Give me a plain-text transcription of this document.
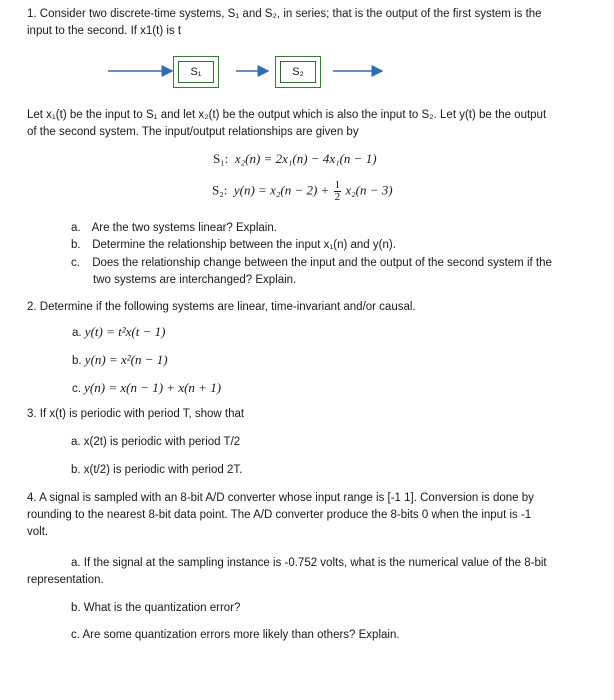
1. Consider two discrete-time systems, S₁ and S₂, in series; that is the output of the first system is the
input to the second. If x1(t) is t
S₁	S₂
Let x₁(t) be the input to S₁ and let x₂(t) be the output which is also the input to S₂. Let y(t) be the output
of the second system. The input/output relationships are given by
S₁: x₂(n) = 2x₁(n) − 4x₁(n − 1)
S₂: $y(n) = x_2(n - 2) + \frac{1}{2} x_2(n - 3)$
a. Are the two systems linear? Explain.
b. Determine the relationship between the input x₁(n) and y(n).
c. Does the relationship change between the input and the output of the second system if the
two systems are interchanged? Explain.
2. Determine if the following systems are linear, time-invariant and/or causal.
a. y(t) = t²x(t − 1)
b. y(n) = x²(n − 1)
c. y(n) = x(n − 1) + x(n + 1)
3. If x(t) is periodic with period T, show that
a. x(2t) is periodic with period T/2
b. x(t/2) is periodic with period 2T.
4. A signal is sampled with an 8-bit A/D converter whose input range is [-1 1]. Conversion is done by
rounding to the nearest 8-bit data point. The A/D converter produce the 8-bits 0 when the input is -1
volt.
a. If the signal at the sampling instance is -0.752 volts, what is the numerical value of the 8-bit
representation.
b. What is the quantization error?
c. Are some quantization errors more likely than others? Explain.
